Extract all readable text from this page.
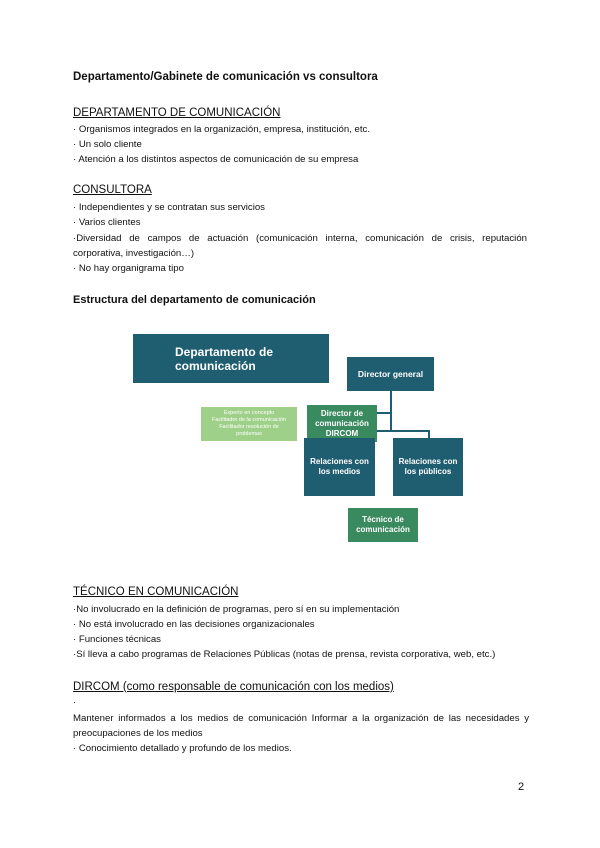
Departamento/Gabinete de comunicación vs consultora
DEPARTAMENTO DE COMUNICACIÓN
· Organismos integrados en la organización, empresa, institución, etc.
· Un solo cliente
· Atención a los distintos aspectos de comunicación de su empresa
CONSULTORA
· Independientes y se contratan sus servicios
· Varios clientes
·Diversidad de campos de actuación (comunicación interna, comunicación de crisis, reputación corporativa, investigación…)
· No hay organigrama tipo
Estructura del departamento de comunicación
Departamento de comunicación
Director general
Director de comunicación DIRCOM
Experto en concepto
Facilitador de la comunicación
Facilitador resolución de problemas
Relaciones con los medios
Relaciones con los públicos
Técnico de comunicación
TÉCNICO EN COMUNICACIÓN
·No involucrado en la definición de programas, pero sí en su implementación
· No está involucrado en las decisiones organizacionales
· Funciones técnicas
·Sí lleva a cabo programas de Relaciones Públicas (notas de prensa, revista corporativa, web, etc.)
DIRCOM (como responsable de comunicación con los medios)
·
Mantener informados a los medios de comunicación Informar a la organización de las necesidades y preocupaciones de los medios
· Conocimiento detallado y profundo de los medios.
2
